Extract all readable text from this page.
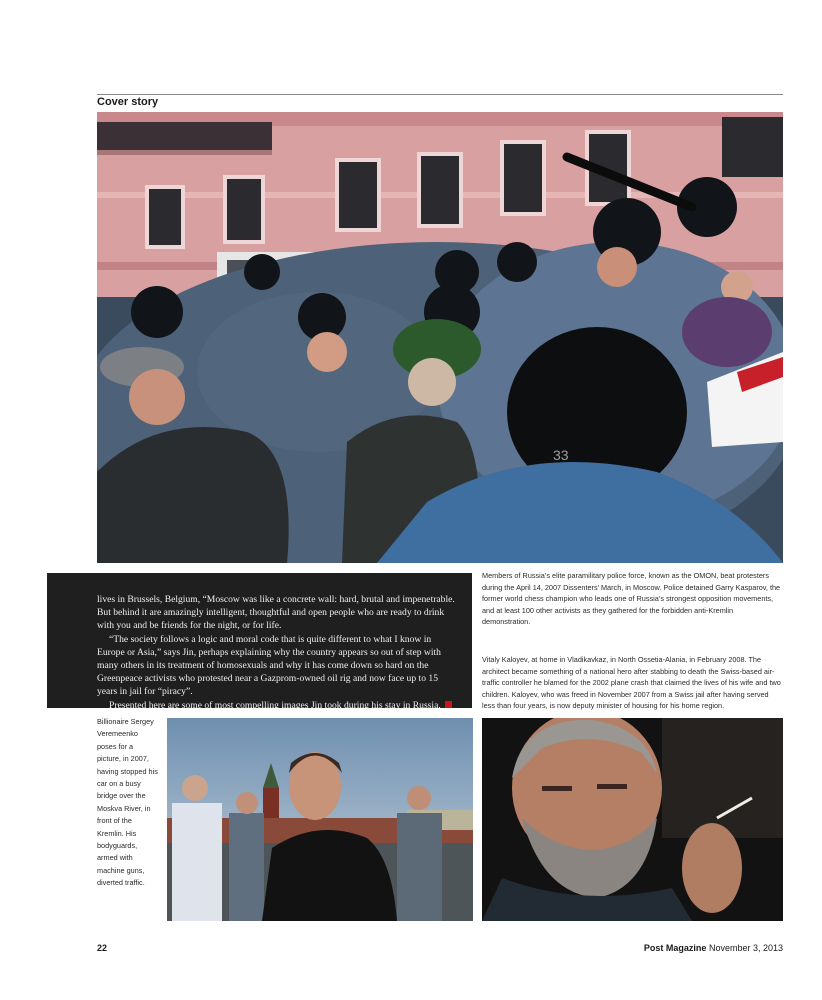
Cover story
33

lives in Brussels, Belgium, “Moscow was like a concrete wall: hard, brutal and impenetrable. But behind it are amazingly intelligent, thoughtful and open people who are ready to drink with you and be friends for the night, or for life.

“The society follows a logic and moral code that is quite different to what I know in Europe or Asia,” says Jin, perhaps explaining why the country appears so out of step with many others in its treatment of homosexuals and why it has come down so hard on the Greenpeace activists who protested near a Gazprom-owned oil rig and now face up to 15 years in jail for “piracy”.

Presented here are some of most compelling images Jin took during his stay in Russia.

Members of Russia’s elite paramilitary police force, known as the OMON, beat protesters during the April 14, 2007 Dissenters’ March, in Moscow. Police detained Garry Kasparov, the former world chess champion who leads one of Russia’s strongest opposition movements, and at least 100 other activists as they gathered for the forbidden anti-Kremlin demonstration.
Vitaly Kaloyev, at home in Vladikavkaz, in North Ossetia-Alania, in February 2008. The architect became something of a national hero after stabbing to death the Swiss-based air-traffic controller he blamed for the 2002 plane crash that claimed the lives of his wife and two children. Kaloyev, who was freed in November 2007 from a Swiss jail after having served less than four years, is now deputy minister of housing for his home region.
Billionaire Sergey Veremeenko poses for a picture, in 2007, having stopped his car on a busy bridge over the Moskva River, in front of the Kremlin. His bodyguards, armed with machine guns, diverted traffic.
22	Post Magazine November 3, 2013
